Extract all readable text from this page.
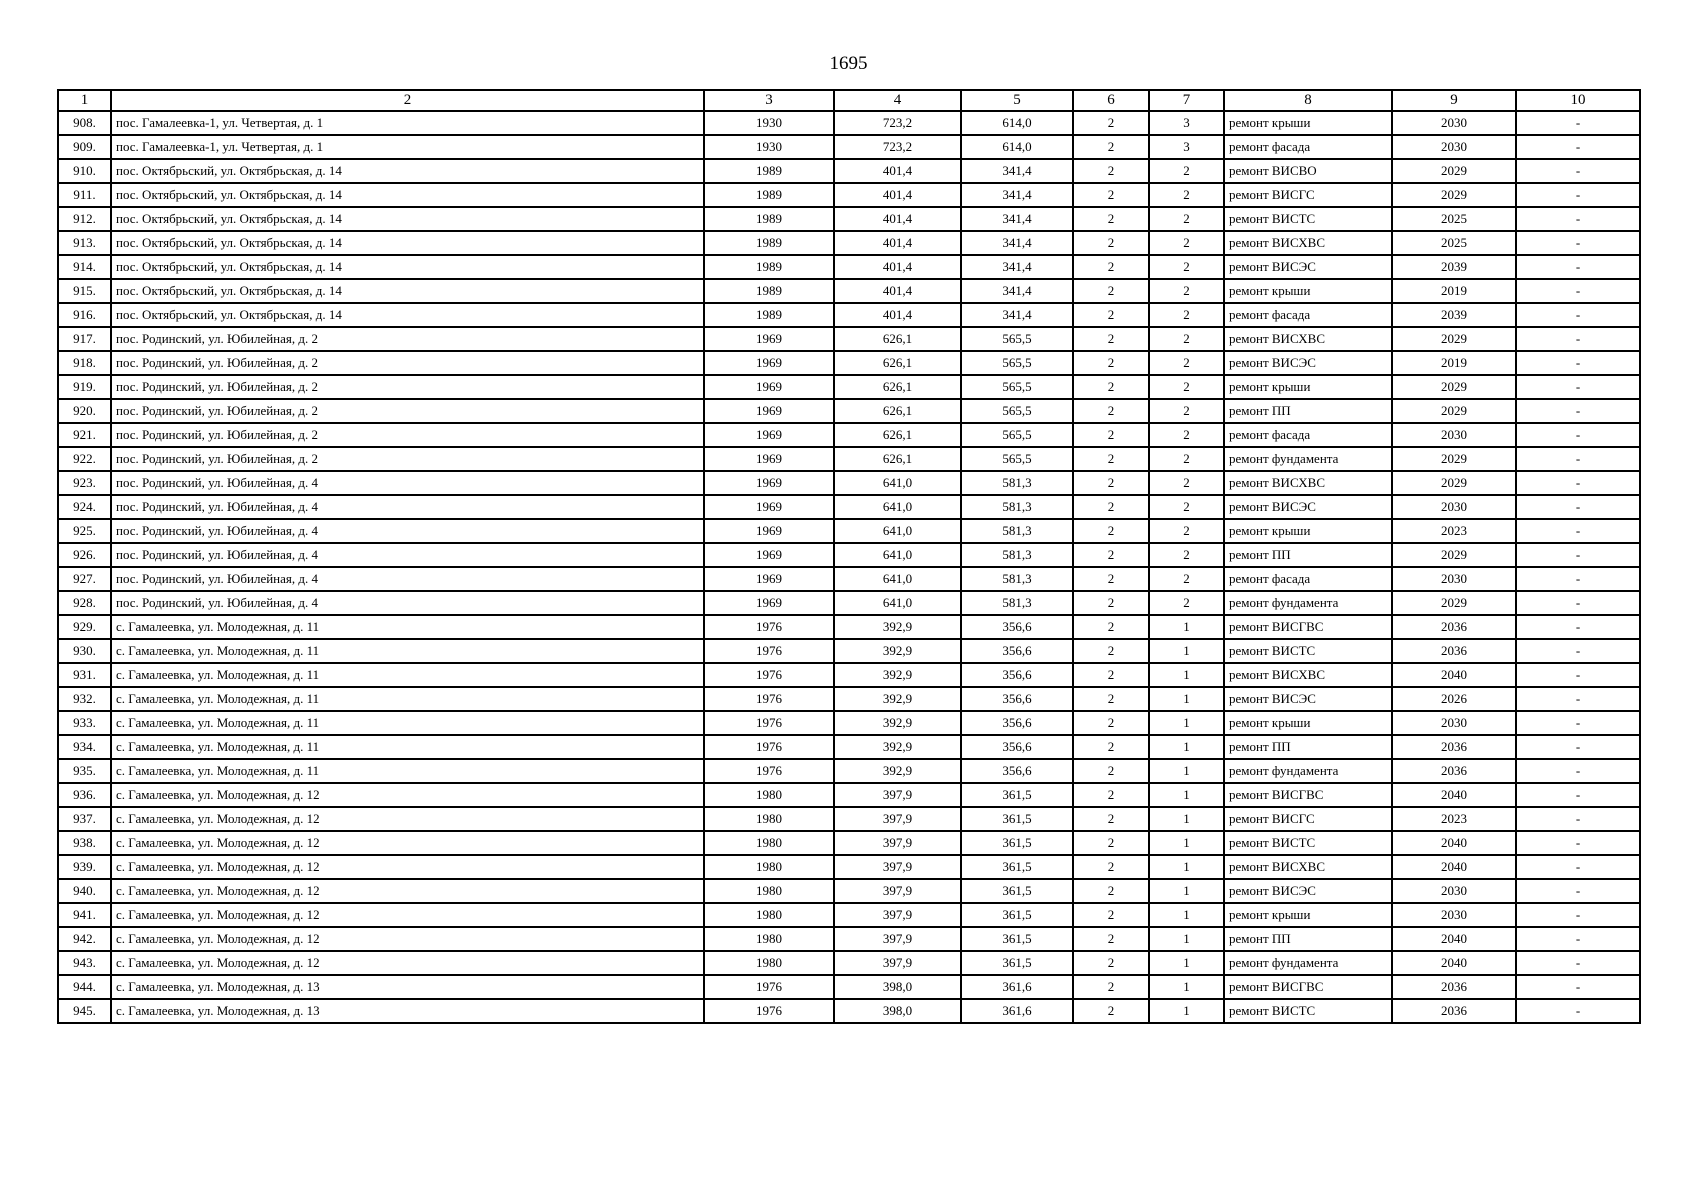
1695
1	2	3	4	5	6	7	8	9	10
908.	пос. Гамалеевка-1, ул. Четвертая, д. 1	1930	723,2	614,0	2	3	ремонт крыши	2030	-
909.	пос. Гамалеевка-1, ул. Четвертая, д. 1	1930	723,2	614,0	2	3	ремонт фасада	2030	-
910.	пос. Октябрьский, ул. Октябрьская, д. 14	1989	401,4	341,4	2	2	ремонт ВИСВО	2029	-
911.	пос. Октябрьский, ул. Октябрьская, д. 14	1989	401,4	341,4	2	2	ремонт ВИСГС	2029	-
912.	пос. Октябрьский, ул. Октябрьская, д. 14	1989	401,4	341,4	2	2	ремонт ВИСТС	2025	-
913.	пос. Октябрьский, ул. Октябрьская, д. 14	1989	401,4	341,4	2	2	ремонт ВИСХВС	2025	-
914.	пос. Октябрьский, ул. Октябрьская, д. 14	1989	401,4	341,4	2	2	ремонт ВИСЭС	2039	-
915.	пос. Октябрьский, ул. Октябрьская, д. 14	1989	401,4	341,4	2	2	ремонт крыши	2019	-
916.	пос. Октябрьский, ул. Октябрьская, д. 14	1989	401,4	341,4	2	2	ремонт фасада	2039	-
917.	пос. Родинский, ул. Юбилейная, д. 2	1969	626,1	565,5	2	2	ремонт ВИСХВС	2029	-
918.	пос. Родинский, ул. Юбилейная, д. 2	1969	626,1	565,5	2	2	ремонт ВИСЭС	2019	-
919.	пос. Родинский, ул. Юбилейная, д. 2	1969	626,1	565,5	2	2	ремонт крыши	2029	-
920.	пос. Родинский, ул. Юбилейная, д. 2	1969	626,1	565,5	2	2	ремонт ПП	2029	-
921.	пос. Родинский, ул. Юбилейная, д. 2	1969	626,1	565,5	2	2	ремонт фасада	2030	-
922.	пос. Родинский, ул. Юбилейная, д. 2	1969	626,1	565,5	2	2	ремонт фундамента	2029	-
923.	пос. Родинский, ул. Юбилейная, д. 4	1969	641,0	581,3	2	2	ремонт ВИСХВС	2029	-
924.	пос. Родинский, ул. Юбилейная, д. 4	1969	641,0	581,3	2	2	ремонт ВИСЭС	2030	-
925.	пос. Родинский, ул. Юбилейная, д. 4	1969	641,0	581,3	2	2	ремонт крыши	2023	-
926.	пос. Родинский, ул. Юбилейная, д. 4	1969	641,0	581,3	2	2	ремонт ПП	2029	-
927.	пос. Родинский, ул. Юбилейная, д. 4	1969	641,0	581,3	2	2	ремонт фасада	2030	-
928.	пос. Родинский, ул. Юбилейная, д. 4	1969	641,0	581,3	2	2	ремонт фундамента	2029	-
929.	с. Гамалеевка, ул. Молодежная, д. 11	1976	392,9	356,6	2	1	ремонт ВИСГВС	2036	-
930.	с. Гамалеевка, ул. Молодежная, д. 11	1976	392,9	356,6	2	1	ремонт ВИСТС	2036	-
931.	с. Гамалеевка, ул. Молодежная, д. 11	1976	392,9	356,6	2	1	ремонт ВИСХВС	2040	-
932.	с. Гамалеевка, ул. Молодежная, д. 11	1976	392,9	356,6	2	1	ремонт ВИСЭС	2026	-
933.	с. Гамалеевка, ул. Молодежная, д. 11	1976	392,9	356,6	2	1	ремонт крыши	2030	-
934.	с. Гамалеевка, ул. Молодежная, д. 11	1976	392,9	356,6	2	1	ремонт ПП	2036	-
935.	с. Гамалеевка, ул. Молодежная, д. 11	1976	392,9	356,6	2	1	ремонт фундамента	2036	-
936.	с. Гамалеевка, ул. Молодежная, д. 12	1980	397,9	361,5	2	1	ремонт ВИСГВС	2040	-
937.	с. Гамалеевка, ул. Молодежная, д. 12	1980	397,9	361,5	2	1	ремонт ВИСГС	2023	-
938.	с. Гамалеевка, ул. Молодежная, д. 12	1980	397,9	361,5	2	1	ремонт ВИСТС	2040	-
939.	с. Гамалеевка, ул. Молодежная, д. 12	1980	397,9	361,5	2	1	ремонт ВИСХВС	2040	-
940.	с. Гамалеевка, ул. Молодежная, д. 12	1980	397,9	361,5	2	1	ремонт ВИСЭС	2030	-
941.	с. Гамалеевка, ул. Молодежная, д. 12	1980	397,9	361,5	2	1	ремонт крыши	2030	-
942.	с. Гамалеевка, ул. Молодежная, д. 12	1980	397,9	361,5	2	1	ремонт ПП	2040	-
943.	с. Гамалеевка, ул. Молодежная, д. 12	1980	397,9	361,5	2	1	ремонт фундамента	2040	-
944.	с. Гамалеевка, ул. Молодежная, д. 13	1976	398,0	361,6	2	1	ремонт ВИСГВС	2036	-
945.	с. Гамалеевка, ул. Молодежная, д. 13	1976	398,0	361,6	2	1	ремонт ВИСТС	2036	-
